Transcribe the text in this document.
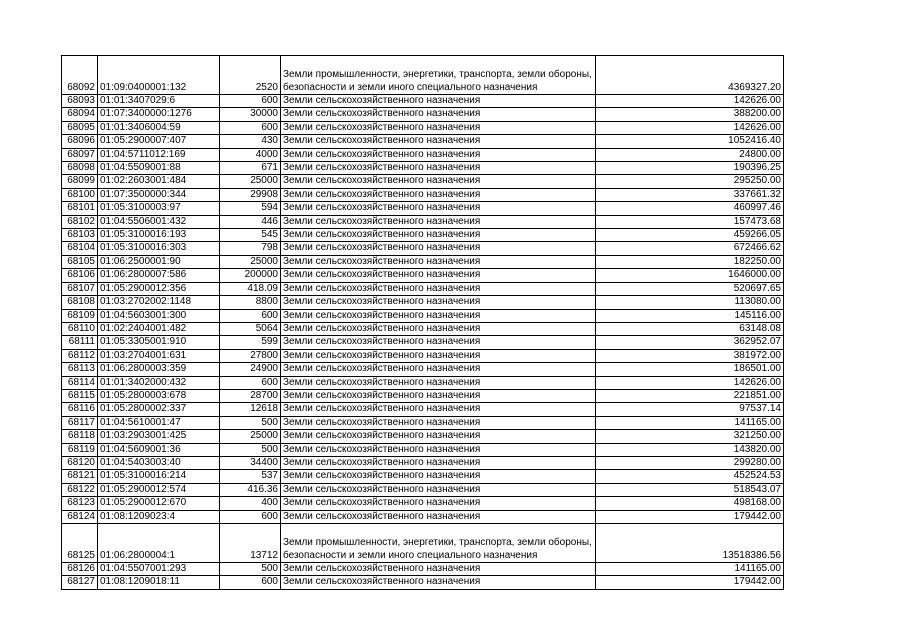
68092	01:09:0400001:132	2520	Земли промышленности, энергетики, транспорта, земли обороны, безопасности и земли иного специального назначения	4369327.20
68093	01:01:3407029:6	600	Земли сельскохозяйственного назначения	142626.00
68094	01:07:3400000:1276	30000	Земли сельскохозяйственного назначения	388200.00
68095	01:01:3406004:59	600	Земли сельскохозяйственного назначения	142626.00
68096	01:05:2900007:407	430	Земли сельскохозяйственного назначения	1052416.40
68097	01:04:5711012:169	4000	Земли сельскохозяйственного назначения	24800.00
68098	01:04:5509001:88	671	Земли сельскохозяйственного назначения	190396.25
68099	01:02:2603001:484	25000	Земли сельскохозяйственного назначения	295250.00
68100	01:07:3500000:344	29908	Земли сельскохозяйственного назначения	337661.32
68101	01:05:3100003:97	594	Земли сельскохозяйственного назначения	460997.46
68102	01:04:5506001:432	446	Земли сельскохозяйственного назначения	157473.68
68103	01:05:3100016:193	545	Земли сельскохозяйственного назначения	459266.05
68104	01:05:3100016:303	798	Земли сельскохозяйственного назначения	672466.62
68105	01:06:2500001:90	25000	Земли сельскохозяйственного назначения	182250.00
68106	01:06:2800007:586	200000	Земли сельскохозяйственного назначения	1646000.00
68107	01:05:2900012:356	418.09	Земли сельскохозяйственного назначения	520697.65
68108	01:03:2702002:1148	8800	Земли сельскохозяйственного назначения	113080.00
68109	01:04:5603001:300	600	Земли сельскохозяйственного назначения	145116.00
68110	01:02:2404001:482	5064	Земли сельскохозяйственного назначения	63148.08
68111	01:05:3305001:910	599	Земли сельскохозяйственного назначения	362952.07
68112	01:03:2704001:631	27800	Земли сельскохозяйственного назначения	381972.00
68113	01:06:2800003:359	24900	Земли сельскохозяйственного назначения	186501.00
68114	01:01:3402000:432	600	Земли сельскохозяйственного назначения	142626.00
68115	01:05:2800003:678	28700	Земли сельскохозяйственного назначения	221851.00
68116	01:05:2800002:337	12618	Земли сельскохозяйственного назначения	97537.14
68117	01:04:5610001:47	500	Земли сельскохозяйственного назначения	141165.00
68118	01:03:2903001:425	25000	Земли сельскохозяйственного назначения	321250.00
68119	01:04:5609001:36	500	Земли сельскохозяйственного назначения	143820.00
68120	01:04:5403003:40	34400	Земли сельскохозяйственного назначения	299280.00
68121	01:05:3100016:214	537	Земли сельскохозяйственного назначения	452524.53
68122	01:05:2900012:574	416.36	Земли сельскохозяйственного назначения	518543.07
68123	01:05:2900012:670	400	Земли сельскохозяйственного назначения	498168.00
68124	01:08:1209023:4	600	Земли сельскохозяйственного назначения	179442.00
68125	01:06:2800004:1	13712	Земли промышленности, энергетики, транспорта, земли обороны, безопасности и земли иного специального назначения	13518386.56
68126	01:04:5507001:293	500	Земли сельскохозяйственного назначения	141165.00
68127	01:08:1209018:11	600	Земли сельскохозяйственного назначения	179442.00
